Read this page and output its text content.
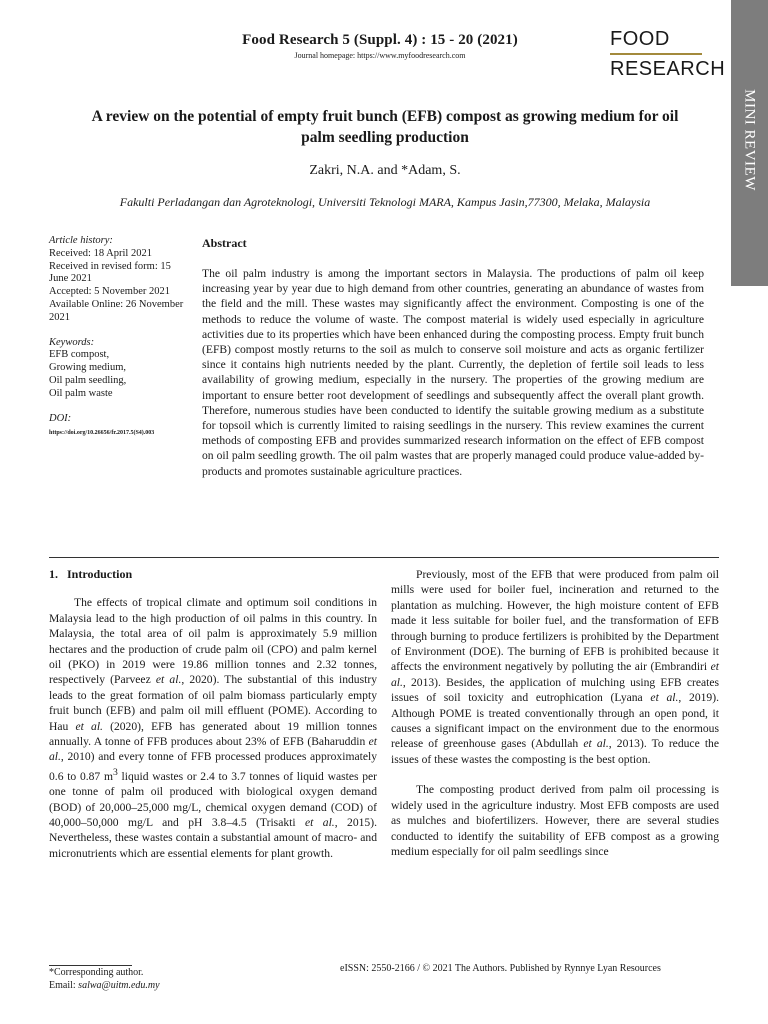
Food Research 5 (Suppl. 4) : 15 - 20 (2021)
Journal homepage: https://www.myfoodresearch.com
FOOD
RESEARCH
MINI REVIEW
A review on the potential of empty fruit bunch (EFB) compost as growing medium for oil palm seedling production
Zakri, N.A. and *Adam, S.
Fakulti Perladangan dan Agroteknologi, Universiti Teknologi MARA, Kampus Jasin,77300, Melaka, Malaysia
Article history:
Received: 18 April 2021
Received in revised form: 15 June 2021
Accepted: 5 November 2021
Available Online: 26 November 2021
Keywords:
EFB compost,
Growing medium,
Oil palm seedling,
Oil palm waste
DOI:
https://doi.org/10.26656/fr.2017.5(S4).003
Abstract
The oil palm industry is among the important sectors in Malaysia. The productions of palm oil keep increasing year by year due to high demand from other countries, generating an abundance of wastes from the field and the mill. These wastes may significantly affect the environment. Composting is one of the methods to reduce the volume of waste. The compost material is widely used especially in agriculture activities due to its properties which have been enhanced during the composting process. Empty fruit bunch (EFB) compost mostly returns to the soil as mulch to conserve soil moisture and acts as organic fertilizer since it contains high nutrients needed by the plant. Currently, the depletion of fertile soil leads to less availability of growing medium, especially in the nursery. The properties of the growing medium are important to ensure better root development of seedlings and subsequently affect the overall plant growth. Therefore, numerous studies have been conducted to identify the suitable growing medium as a substitute for topsoil which is currently limited to raising seedlings in the nursery. This review examines the current methods of composting EFB and provides summarized research information on the effect of EFB compost on oil palm seedling growth. The oil palm wastes that are properly managed could produce value-added by-products and promotes sustainable agriculture practices.
1.   Introduction

The effects of tropical climate and optimum soil conditions in Malaysia lead to the high production of oil palms in this country. In Malaysia, the total area of oil palm is approximately 5.9 million hectares and the production of crude palm oil (CPO) and palm kernel oil (PKO) in 2019 were 19.86 million tonnes and 2.32 tonnes, respectively (Parveez et al., 2020). The substantial of this industry leads to the great formation of oil palm biomass particularly empty fruit bunch (EFB) and palm oil mill effluent (POME). According to Hau et al. (2020), EFB has generated about 19 million tonnes annually. A tonne of FFB produces about 23% of EFB (Baharuddin et al., 2010) and every tonne of FFB processed produces approximately 0.6 to 0.87 $m^3$ liquid wastes or 2.4 to 3.7 tonnes of liquid wastes per one tonne of palm oil produced with biological oxygen demand (BOD) of 20,000–25,000 mg/L, chemical oxygen demand (COD) of 40,000–50,000 mg/L and pH 3.8–4.5 (Trisakti et al., 2015). Nevertheless, these wastes contain a substantial amount of macro- and micronutrients which are essential elements for plant growth.

Previously, most of the EFB that were produced from palm oil mills were used for boiler fuel, incineration and returned to the plantation as mulching. However, the high moisture content of EFB made it less suitable for boiler fuel, and the transformation of EFB through burning to produce fertilizers is prohibited by the Department of Environment (DOE). The burning of EFB is prohibited because it affects the environment negatively by polluting the air (Embrandiri et al., 2013). Besides, the application of mulching using EFB creates issues of soil toxicity and eutrophication (Lyana et al., 2019). Although POME is treated conventionally through an open pond, it causes a significant impact on the environment due to the enormous release of greenhouse gases (Abdullah et al., 2013). To reduce the issues of these wastes the composting is the best option.

The composting product derived from palm oil processing is widely used in the agriculture industry. Most EFB composts are used as mulches and biofertilizers. However, there are several studies conducted to identify the suitability of EFB compost as a growing medium especially for oil palm seedlings since

*Corresponding author.
Email: salwa@uitm.edu.my
eISSN: 2550-2166 / © 2021 The Authors. Published by Rynnye Lyan Resources
